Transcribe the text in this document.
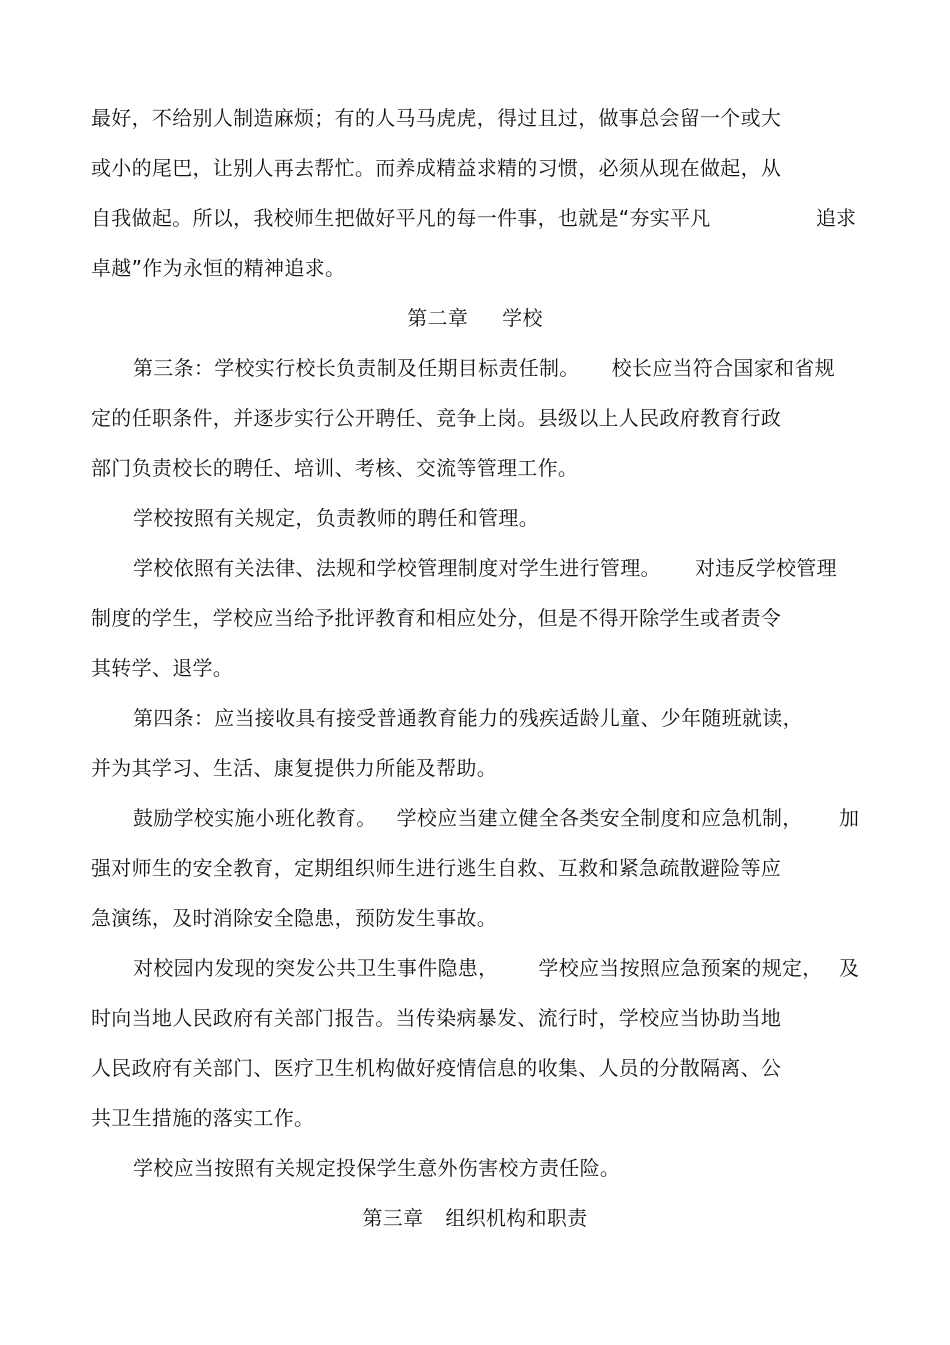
最好，不给别人制造麻烦；有的人马马虎虎，得过且过，做事总会留一个或大
或小的尾巴，让别人再去帮忙。而养成精益求精的习惯，必须从现在做起，从
自我做起。所以，我校师生把做好平凡的每一件事，也就是“夯实平凡	追求
卓越”作为永恒的精神追求。
第二章 学校
第三条：学校实行校长负责制及任期目标责任制。 校长应当符合国家和省规
定的任职条件，并逐步实行公开聘任、竞争上岗。县级以上人民政府教育行政
部门负责校长的聘任、培训、考核、交流等管理工作。
学校按照有关规定，负责教师的聘任和管理。
学校依照有关法律、法规和学校管理制度对学生进行管理。 对违反学校管理
制度的学生，学校应当给予批评教育和相应处分，但是不得开除学生或者责令
其转学、退学。
第四条：应当接收具有接受普通教育能力的残疾适龄儿童、少年随班就读，
并为其学习、生活、康复提供力所能及帮助。
鼓励学校实施小班化教育。 学校应当建立健全各类安全制度和应急机制， 加
强对师生的安全教育，定期组织师生进行逃生自救、互救和紧急疏散避险等应
急演练，及时消除安全隐患，预防发生事故。
对校园内发现的突发公共卫生事件隐患， 学校应当按照应急预案的规定， 及
时向当地人民政府有关部门报告。当传染病暴发、流行时，学校应当协助当地
人民政府有关部门、医疗卫生机构做好疫情信息的收集、人员的分散隔离、公
共卫生措施的落实工作。
学校应当按照有关规定投保学生意外伤害校方责任险。
第三章 组织机构和职责
